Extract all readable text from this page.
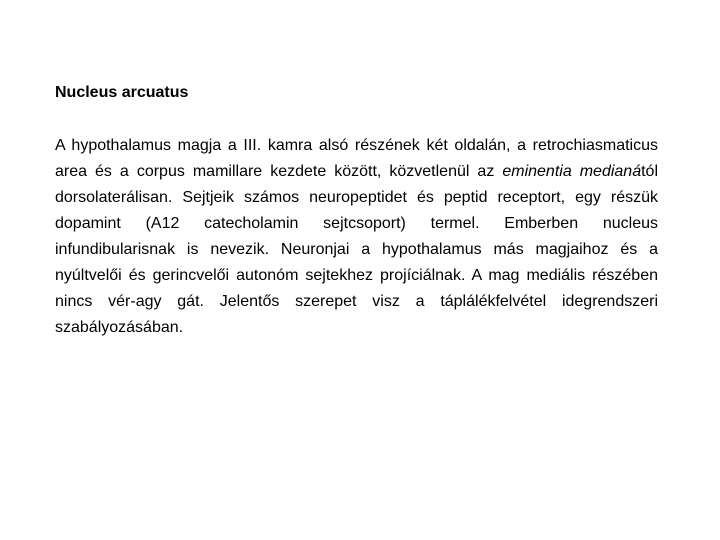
Nucleus arcuatus
A hypothalamus magja a III. kamra alsó részének két oldalán, a retrochiasmaticus area és a corpus mamillare kezdete között, közvetlenül az eminentia medianától dorsolaterálisan. Sejtjeik számos neuropeptidet és peptid receptort, egy részük dopamint (A12 catecholamin sejtcsoport) termel. Emberben nucleus infundibularisnak is nevezik. Neuronjai a hypothalamus más magjaihoz és a nyúltvelői és gerincvelői autonóm sejtekhez projíciálnak. A mag mediális részében nincs vér-agy gát. Jelentős szerepet visz a táplálékfelvétel idegrendszeri szabályozásában.
